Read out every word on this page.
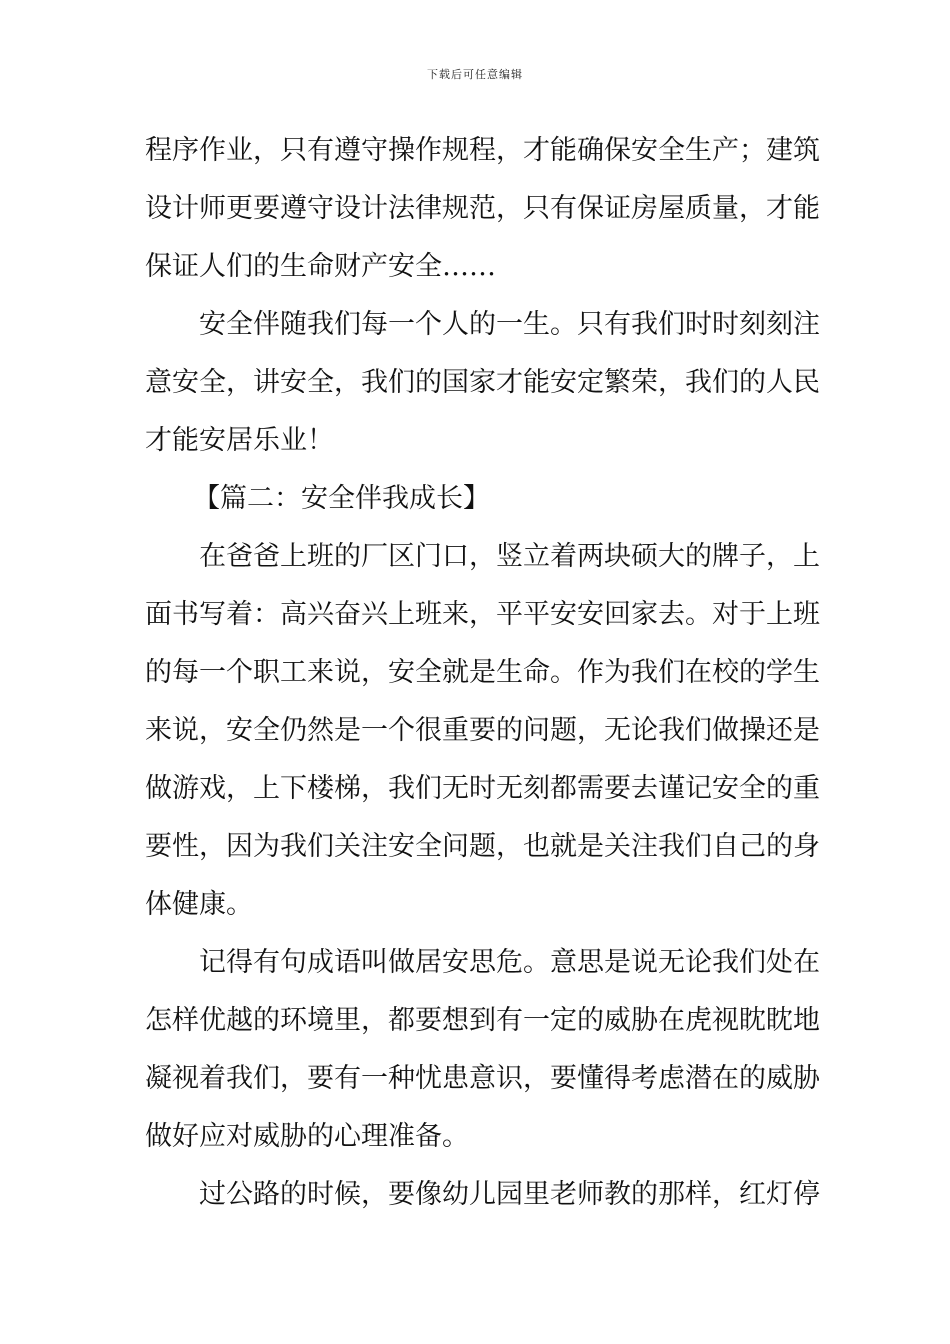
下载后可任意编辑
程序作业，只有遵守操作规程，才能确保安全生产；建筑
设计师更要遵守设计法律规范，只有保证房屋质量，才能
保证人们的生命财产安全……
安全伴随我们每一个人的一生。只有我们时时刻刻注
意安全，讲安全，我们的国家才能安定繁荣，我们的人民
才能安居乐业！
【篇二：安全伴我成长】
在爸爸上班的厂区门口，竖立着两块硕大的牌子，上
面书写着：高兴奋兴上班来，平平安安回家去。对于上班
的每一个职工来说，安全就是生命。作为我们在校的学生
来说，安全仍然是一个很重要的问题，无论我们做操还是
做游戏，上下楼梯，我们无时无刻都需要去谨记安全的重
要性，因为我们关注安全问题，也就是关注我们自己的身
体健康。
记得有句成语叫做居安思危。意思是说无论我们处在
怎样优越的环境里，都要想到有一定的威胁在虎视眈眈地
凝视着我们，要有一种忧患意识，要懂得考虑潜在的威胁
做好应对威胁的心理准备。
过公路的时候，要像幼儿园里老师教的那样，红灯停
